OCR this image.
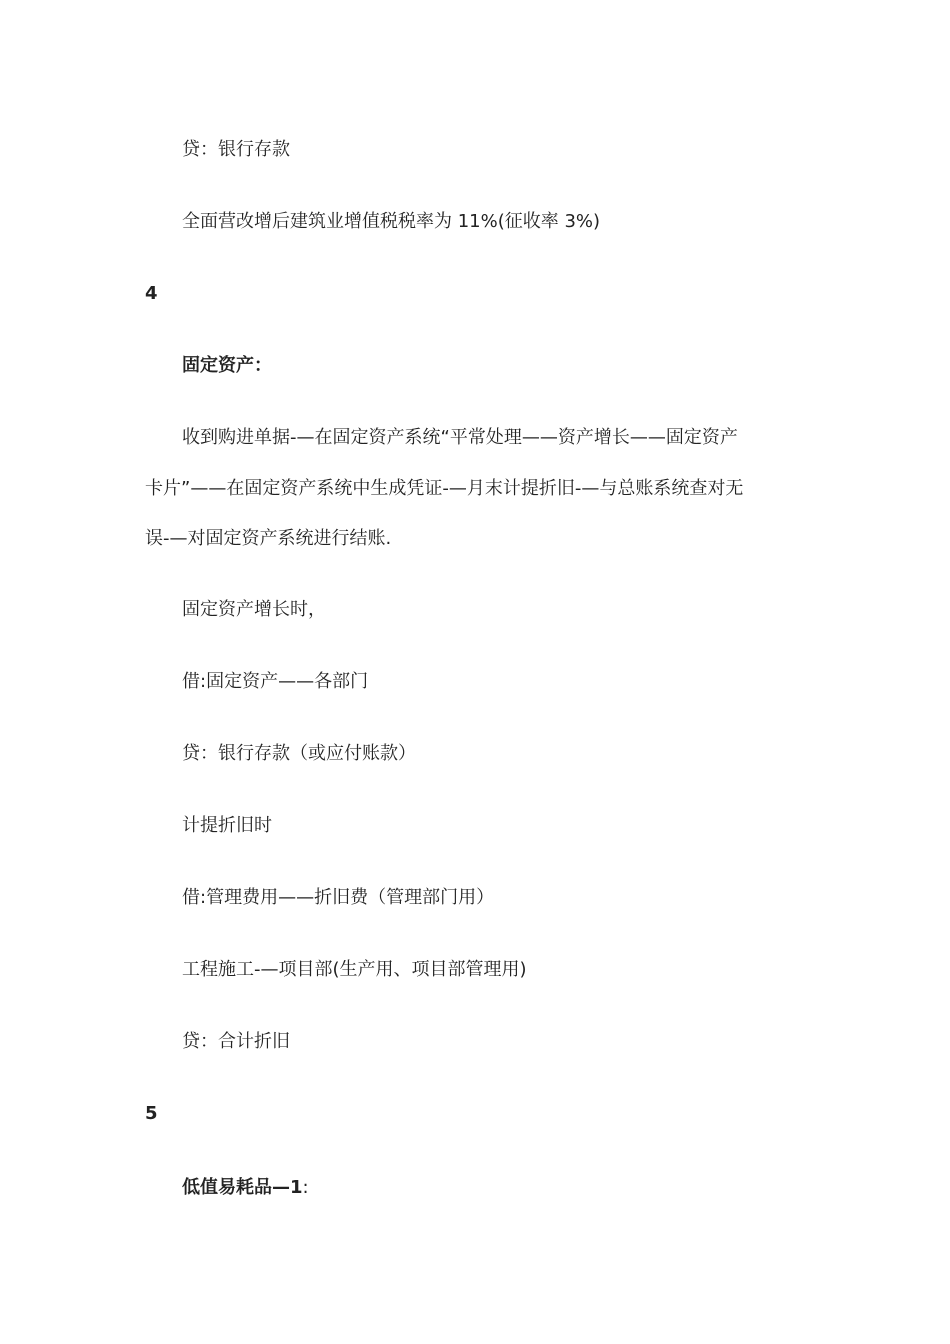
贷：银行存款
全面营改增后建筑业增值税税率为 11%(征收率 3%)
4
固定资产：
收到购进单据-—在固定资产系统“平常处理——资产增长——固定资产
卡片”——在固定资产系统中生成凭证-—月末计提折旧-—与总账系统查对无
误-—对固定资产系统进行结账.
固定资产增长时，
借:固定资产——各部门
贷：银行存款（或应付账款）
计提折旧时
借:管理费用——折旧费（管理部门用）
工程施工-—项目部(生产用、项目部管理用)
贷：合计折旧
5
低值易耗品—1:
